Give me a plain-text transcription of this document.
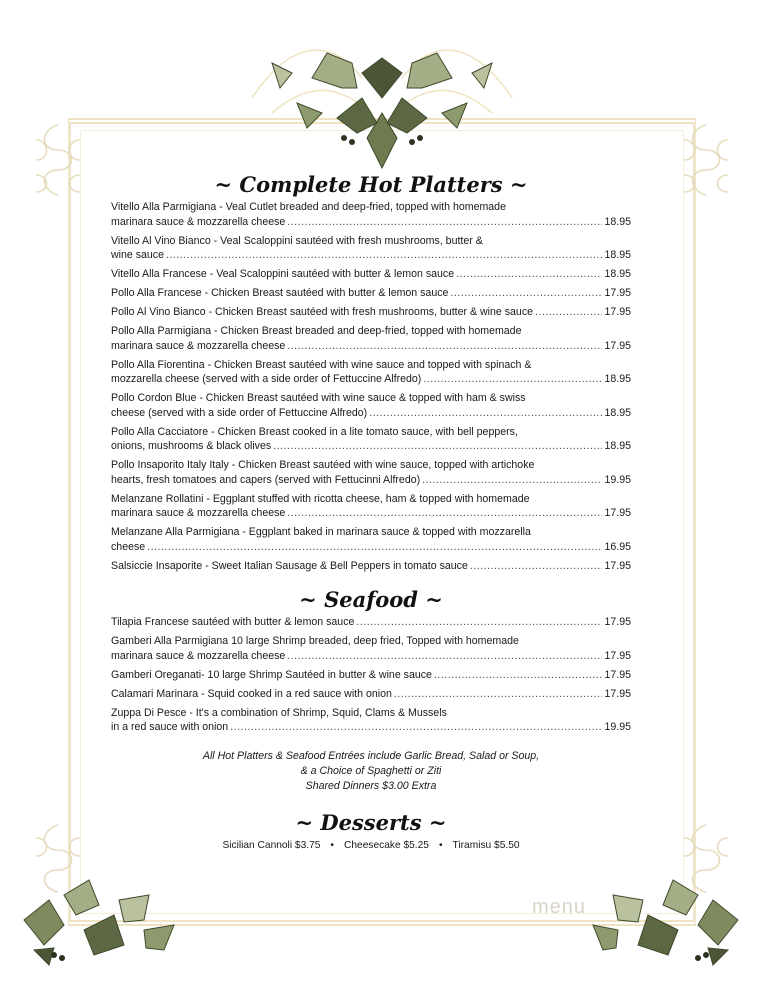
~ Complete Hot Platters ~
Vitello Alla Parmigiana - Veal Cutlet breaded and deep-fried, topped with homemade
marinara sauce & mozzarella cheese .....	18.95
Vitello Al Vino Bianco - Veal Scaloppini sautéed with fresh mushrooms, butter &
wine sauce .....	18.95
Vitello Alla Francese - Veal Scaloppini sautéed with butter & lemon sauce .....	18.95
Pollo Alla Francese - Chicken Breast sautéed with butter & lemon sauce .....	17.95
Pollo Al Vino Bianco - Chicken Breast sautéed with fresh mushrooms, butter & wine sauce .....	17.95
Pollo Alla Parmigiana - Chicken Breast breaded and deep-fried, topped with homemade
marinara sauce & mozzarella cheese .....	17.95
Pollo Alla Fiorentina - Chicken Breast sautéed with wine sauce and topped with spinach &
mozzarella cheese (served with a side order of Fettuccine Alfredo) .....	18.95
Pollo Cordon Blue - Chicken Breast sautéed with wine sauce & topped with ham & swiss
cheese (served with a side order of Fettuccine Alfredo) .....	18.95
Pollo Alla Cacciatore - Chicken Breast cooked in a lite tomato sauce, with bell peppers,
onions, mushrooms & black olives .....	18.95
Pollo Insaporito Italy Italy - Chicken Breast sautéed with wine sauce, topped with artichoke
hearts, fresh tomatoes and capers (served with Fettucinni Alfredo) .....	19.95
Melanzane Rollatini - Eggplant stuffed with ricotta cheese, ham & topped with homemade
marinara sauce & mozzarella cheese .....	17.95
Melanzane Alla Parmigiana - Eggplant baked in marinara sauce & topped with mozzarella
cheese .....	16.95
Salsiccie Insaporite - Sweet Italian Sausage & Bell Peppers in tomato sauce .....	17.95
~ Seafood ~
Tilapia Francese sautéed with butter & lemon sauce .....	17.95
Gamberi Alla Parmigiana 10 large Shrimp breaded, deep fried, Topped with homemade
marinara sauce & mozzarella cheese .....	17.95
Gamberi Oreganati- 10 large Shrimp Sautéed in butter & wine sauce .....	17.95
Calamari Marinara - Squid cooked in a red sauce with onion .....	17.95
Zuppa Di Pesce - It's a combination of Shrimp, Squid, Clams & Mussels
in a red sauce with onion .....	19.95
All Hot Platters & Seafood Entrées include Garlic Bread, Salad or Soup,
& a Choice of Spaghetti or Ziti
Shared Dinners $3.00 Extra
~ Desserts ~
Sicilian Cannoli $3.75 • Cheesecake $5.25 • Tiramisu $5.50
menu
